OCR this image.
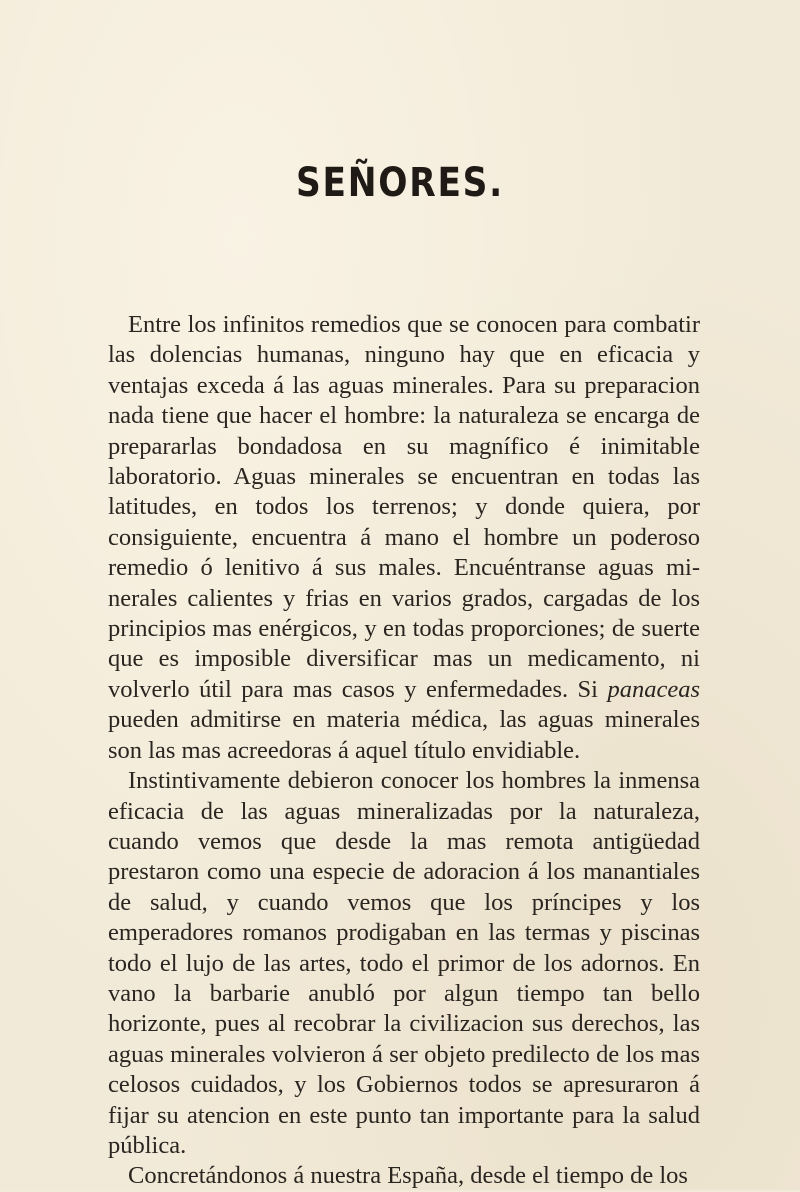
SEÑORES.

Entre los infinitos remedios que se conocen para combatir las dolencias humanas, ninguno hay que en eficacia y ventajas exceda á las aguas minerales. Para su preparacion nada tiene que hacer el hombre: la naturaleza se encarga de prepararlas bondadosa en su magnífico é inimitable laboratorio. Aguas minerales se encuentran en todas las latitudes, en todos los terrenos; y donde quiera, por consiguiente, encuentra á mano el hombre un poderoso remedio ó lenitivo á sus males. Encuéntranse aguas minerales calientes y frias en varios grados, cargadas de los principios mas enérgicos, y en todas proporciones; de suerte que es imposible diversificar mas un medicamento, ni volverlo útil para mas casos y enfermedades. Si panaceas pueden admitirse en materia médica, las aguas minerales son las mas acreedoras á aquel título envidiable.

Instintivamente debieron conocer los hombres la inmensa eficacia de las aguas mineralizadas por la naturaleza, cuando vemos que desde la mas remota antigüedad prestaron como una especie de adoracion á los manantiales de salud, y cuando vemos que los príncipes y los emperadores romanos prodigaban en las termas y piscinas todo el lujo de las artes, todo el primor de los adornos. En vano la barbarie anubló por algun tiempo tan bello horizonte, pues al recobrar la civilizacion sus derechos, las aguas minerales volvieron á ser objeto predilecto de los mas celosos cuidados, y los Gobiernos todos se apresuraron á fijar su atencion en este punto tan importante para la salud pública.

Concretándonos á nuestra España, desde el tiempo de los
